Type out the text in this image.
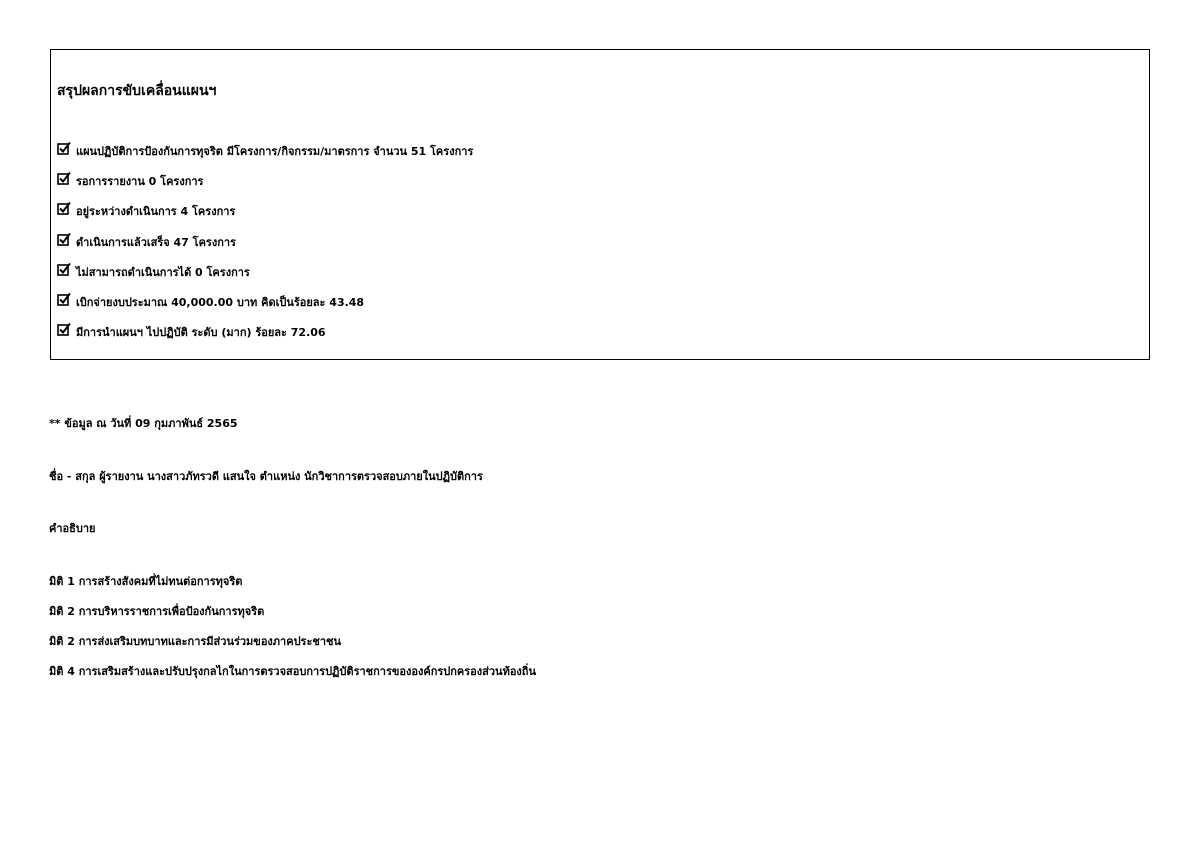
สรุปผลการขับเคลื่อนแผนฯ
แผนปฏิบัติการป้องกันการทุจริต มีโครงการ/กิจกรรม/มาตรการ จำนวน 51 โครงการ
รอการรายงาน 0 โครงการ
อยู่ระหว่างดำเนินการ 4 โครงการ
ดำเนินการแล้วเสร็จ 47 โครงการ
ไม่สามารถดำเนินการได้ 0 โครงการ
เบิกจ่ายงบประมาณ 40,000.00 บาท คิดเป็นร้อยละ 43.48
มีการนำแผนฯ ไปปฏิบัติ ระดับ (มาก) ร้อยละ 72.06
** ข้อมูล ณ วันที่ 09 กุมภาพันธ์ 2565
ชื่อ - สกุล ผู้รายงาน นางสาวภัทรวดี แสนใจ ตำแหน่ง นักวิชาการตรวจสอบภายในปฏิบัติการ
คำอธิบาย
มิติ 1 การสร้างสังคมที่ไม่ทนต่อการทุจริต
มิติ 2 การบริหารราชการเพื่อป้องกันการทุจริต
มิติ 2 การส่งเสริมบทบาทและการมีส่วนร่วมของภาคประชาชน
มิติ 4 การเสริมสร้างและปรับปรุงกลไกในการตรวจสอบการปฏิบัติราชการขององค์กรปกครองส่วนท้องถิ่น
